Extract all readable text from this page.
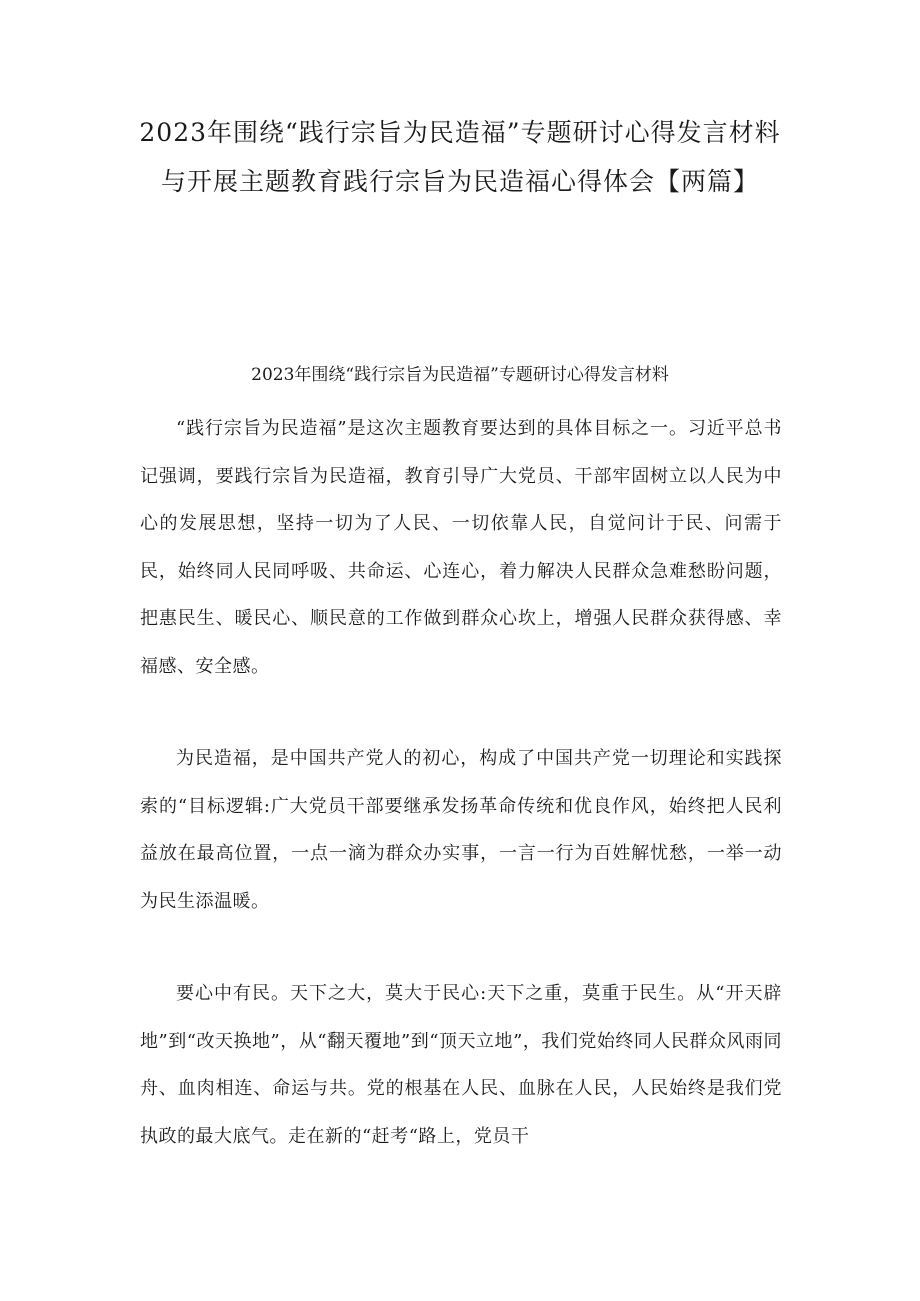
2023年围绕“践行宗旨为民造福”专题研讨心得发言材料与开展主题教育践行宗旨为民造福心得体会【两篇】
2023年围绕“践行宗旨为民造福”专题研讨心得发言材料

“践行宗旨为民造福”是这次主题教育要达到的具体目标之一。习近平总书记强调，要践行宗旨为民造福，教育引导广大党员、干部牢固树立以人民为中心的发展思想，坚持一切为了人民、一切依靠人民，自觉问计于民、问需于民，始终同人民同呼吸、共命运、心连心，着力解决人民群众急难愁盼问题，把惠民生、暖民心、顺民意的工作做到群众心坎上，增强人民群众获得感、幸福感、安全感。

为民造福，是中国共产党人的初心，构成了中国共产党一切理论和实践探索的“目标逻辑:广大党员干部要继承发扬革命传统和优良作风，始终把人民利益放在最高位置，一点一滴为群众办实事，一言一行为百姓解忧愁，一举一动为民生添温暖。

要心中有民。天下之大，莫大于民心:天下之重，莫重于民生。从“开天辟地”到“改天换地”，从“翻天覆地”到“顶天立地”，我们党始终同人民群众风雨同舟、血肉相连、命运与共。党的根基在人民、血脉在人民，人民始终是我们党执政的最大底气。走在新的“赶考“路上，党员干
